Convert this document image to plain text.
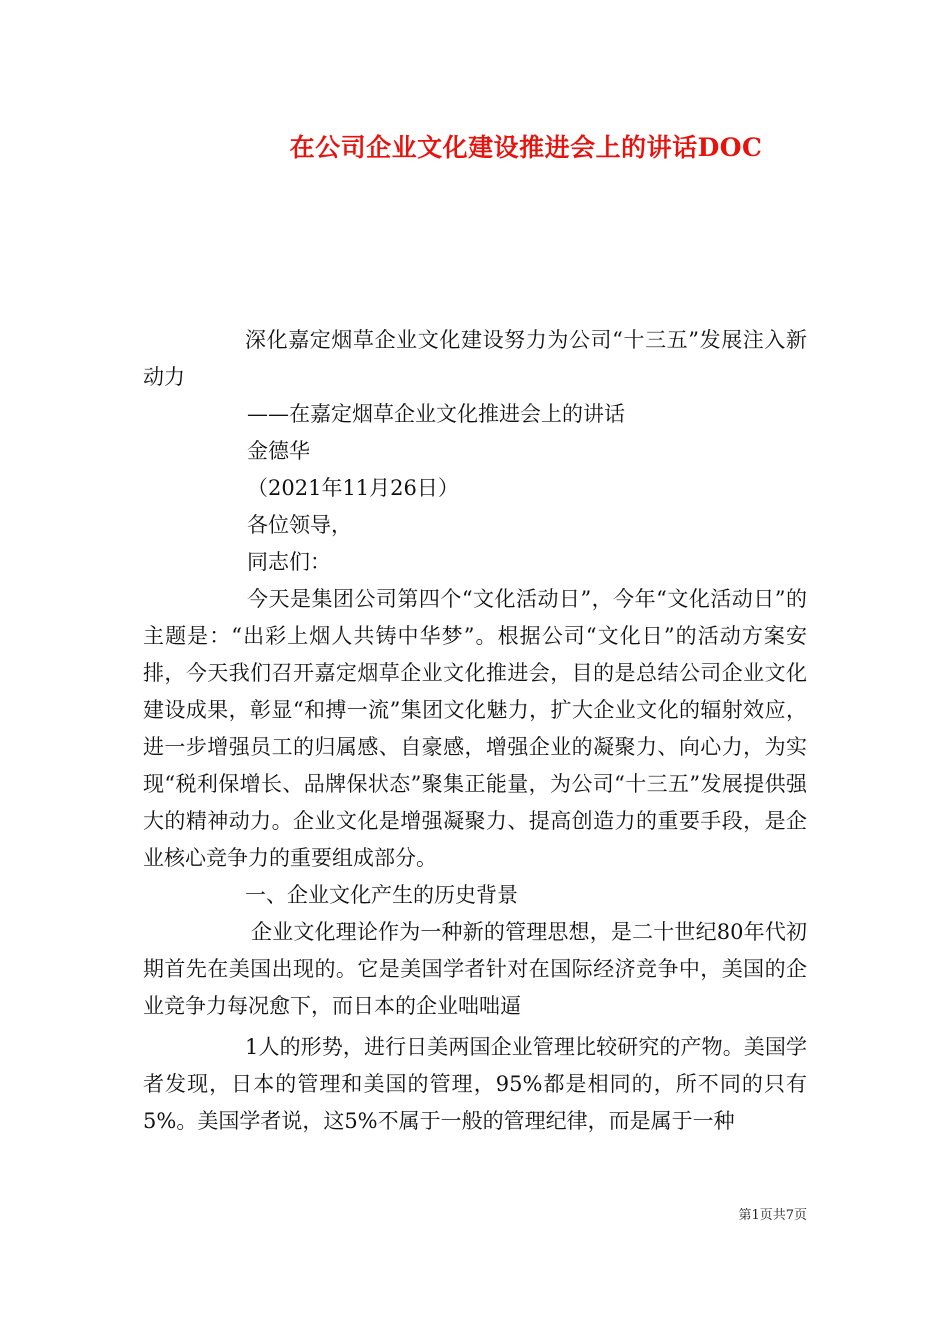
在公司企业文化建设推进会上的讲话DOC

深化嘉定烟草企业文化建设努力为公司“十三五”发展注入新动力

——在嘉定烟草企业文化推进会上的讲话

金德华

（2021年11月26日）

各位领导，

同志们：

今天是集团公司第四个“文化活动日”，今年“文化活动日”的主题是：“出彩上烟人共铸中华梦”。根据公司“文化日”的活动方案安排，今天我们召开嘉定烟草企业文化推进会，目的是总结公司企业文化建设成果，彰显“和搏一流”集团文化魅力，扩大企业文化的辐射效应，进一步增强员工的归属感、自豪感，增强企业的凝聚力、向心力，为实现“税利保增长、品牌保状态”聚集正能量，为公司“十三五”发展提供强大的精神动力。企业文化是增强凝聚力、提高创造力的重要手段，是企业核心竞争力的重要组成部分。

一、企业文化产生的历史背景

企业文化理论作为一种新的管理思想，是二十世纪80年代初期首先在美国出现的。它是美国学者针对在国际经济竞争中，美国的企业竞争力每况愈下，而日本的企业咄咄逼

1人的形势，进行日美两国企业管理比较研究的产物。美国学者发现，日本的管理和美国的管理，95%都是相同的，所不同的只有5%。美国学者说，这5%不属于一般的管理纪律，而是属于一种

第1页共7页
